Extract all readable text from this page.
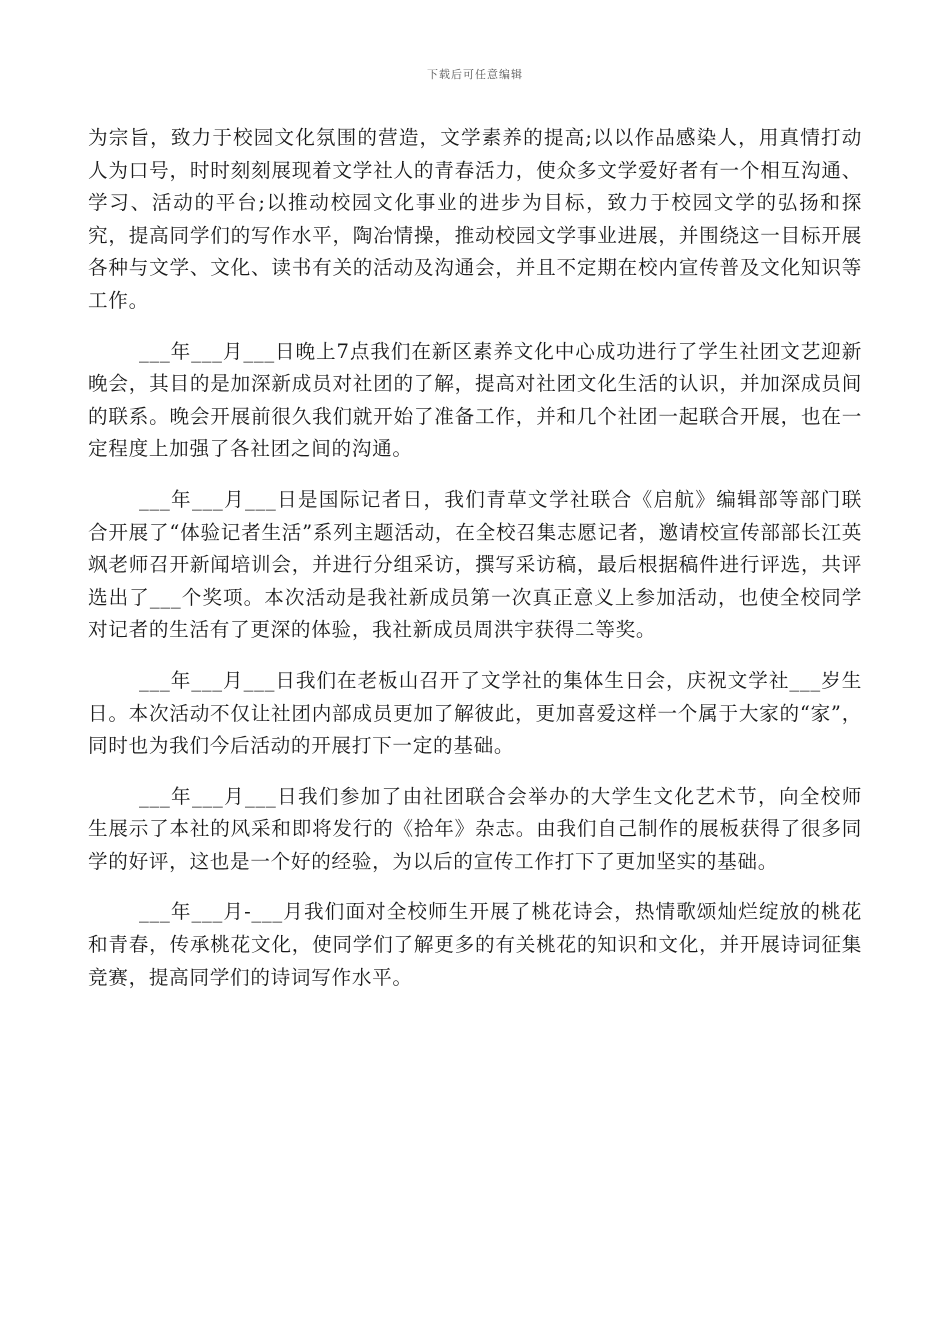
下载后可任意编辑

为宗旨，致力于校园文化氛围的营造，文学素养的提高;以以作品感染人，用真情打动人为口号，时时刻刻展现着文学社人的青春活力，使众多文学爱好者有一个相互沟通、学习、活动的平台;以推动校园文化事业的进步为目标，致力于校园文学的弘扬和探究，提高同学们的写作水平，陶冶情操，推动校园文学事业进展，并围绕这一目标开展各种与文学、文化、读书有关的活动及沟通会，并且不定期在校内宣传普及文化知识等工作。

___年___月___日晚上7点我们在新区素养文化中心成功进行了学生社团文艺迎新晚会，其目的是加深新成员对社团的了解，提高对社团文化生活的认识，并加深成员间的联系。晚会开展前很久我们就开始了准备工作，并和几个社团一起联合开展，也在一定程度上加强了各社团之间的沟通。

___年___月___日是国际记者日，我们青草文学社联合《启航》编辑部等部门联合开展了“体验记者生活”系列主题活动，在全校召集志愿记者，邀请校宣传部部长江英飒老师召开新闻培训会，并进行分组采访，撰写采访稿，最后根据稿件进行评选，共评选出了___个奖项。本次活动是我社新成员第一次真正意义上参加活动，也使全校同学对记者的生活有了更深的体验，我社新成员周洪宇获得二等奖。

___年___月___日我们在老板山召开了文学社的集体生日会，庆祝文学社___岁生日。本次活动不仅让社团内部成员更加了解彼此，更加喜爱这样一个属于大家的“家”，同时也为我们今后活动的开展打下一定的基础。

___年___月___日我们参加了由社团联合会举办的大学生文化艺术节，向全校师生展示了本社的风采和即将发行的《拾年》杂志。由我们自己制作的展板获得了很多同学的好评，这也是一个好的经验，为以后的宣传工作打下了更加坚实的基础。

___年___月-___月我们面对全校师生开展了桃花诗会，热情歌颂灿烂绽放的桃花和青春，传承桃花文化，使同学们了解更多的有关桃花的知识和文化，并开展诗词征集竞赛，提高同学们的诗词写作水平。
